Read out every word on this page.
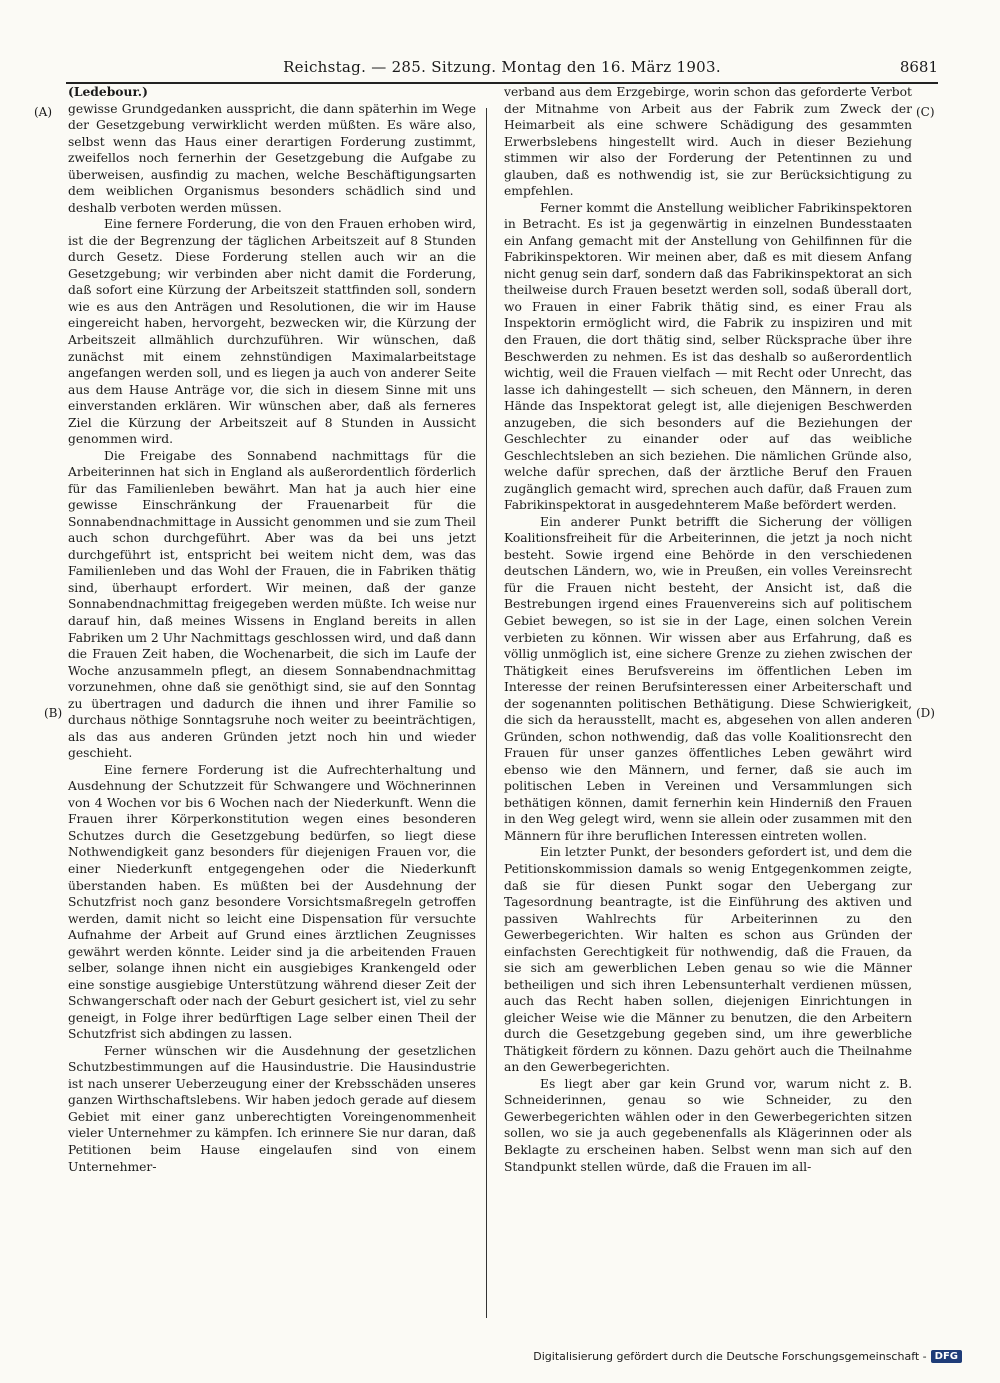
Reichstag. — 285. Sitzung. Montag den 16. März 1903.	8681
(A)
(B)
(C)
(D)
(Ledebour.)

gewisse Grundgedanken ausspricht, die dann späterhin im Wege der Gesetzgebung verwirklicht werden müßten. Es wäre also, selbst wenn das Haus einer derartigen Forderung zustimmt, zweifellos noch fernerhin der Gesetzgebung die Aufgabe zu überweisen, ausfindig zu machen, welche Beschäftigungsarten dem weiblichen Organismus besonders schädlich sind und deshalb verboten werden müssen.

Eine fernere Forderung, die von den Frauen erhoben wird, ist die der Begrenzung der täglichen Arbeitszeit auf 8 Stunden durch Gesetz. Diese Forderung stellen auch wir an die Gesetzgebung; wir verbinden aber nicht damit die Forderung, daß sofort eine Kürzung der Arbeitszeit stattfinden soll, sondern wie es aus den Anträgen und Resolutionen, die wir im Hause eingereicht haben, hervorgeht, bezwecken wir, die Kürzung der Arbeitszeit allmählich durchzuführen. Wir wünschen, daß zunächst mit einem zehnstündigen Maximalarbeitstage angefangen werden soll, und es liegen ja auch von anderer Seite aus dem Hause Anträge vor, die sich in diesem Sinne mit uns einverstanden erklären. Wir wünschen aber, daß als ferneres Ziel die Kürzung der Arbeitszeit auf 8 Stunden in Aussicht genommen wird.

Die Freigabe des Sonnabend nachmittags für die Arbeiterinnen hat sich in England als außerordentlich förderlich für das Familienleben bewährt. Man hat ja auch hier eine gewisse Einschränkung der Frauenarbeit für die Sonnabendnachmittage in Aussicht genommen und sie zum Theil auch schon durchgeführt. Aber was da bei uns jetzt durchgeführt ist, entspricht bei weitem nicht dem, was das Familienleben und das Wohl der Frauen, die in Fabriken thätig sind, überhaupt erfordert. Wir meinen, daß der ganze Sonnabendnachmittag freigegeben werden müßte. Ich weise nur darauf hin, daß meines Wissens in England bereits in allen Fabriken um 2 Uhr Nachmittags geschlossen wird, und daß dann die Frauen Zeit haben, die Wochenarbeit, die sich im Laufe der Woche anzusammeln pflegt, an diesem Sonnabendnachmittag vorzunehmen, ohne daß sie genöthigt sind, sie auf den Sonntag zu übertragen und dadurch die ihnen und ihrer Familie so durchaus nöthige Sonntagsruhe noch weiter zu beeinträchtigen, als das aus anderen Gründen jetzt noch hin und wieder geschieht.

Eine fernere Forderung ist die Aufrechterhaltung und Ausdehnung der Schutzzeit für Schwangere und Wöchnerinnen von 4 Wochen vor bis 6 Wochen nach der Niederkunft. Wenn die Frauen ihrer Körperkonstitution wegen eines besonderen Schutzes durch die Gesetzgebung bedürfen, so liegt diese Nothwendigkeit ganz besonders für diejenigen Frauen vor, die einer Niederkunft entgegengehen oder die Niederkunft überstanden haben. Es müßten bei der Ausdehnung der Schutzfrist noch ganz besondere Vorsichtsmaßregeln getroffen werden, damit nicht so leicht eine Dispensation für versuchte Aufnahme der Arbeit auf Grund eines ärztlichen Zeugnisses gewährt werden könnte. Leider sind ja die arbeitenden Frauen selber, solange ihnen nicht ein ausgiebiges Krankengeld oder eine sonstige ausgiebige Unterstützung während dieser Zeit der Schwangerschaft oder nach der Geburt gesichert ist, viel zu sehr geneigt, in Folge ihrer bedürftigen Lage selber einen Theil der Schutzfrist sich abdingen zu lassen.

Ferner wünschen wir die Ausdehnung der gesetzlichen Schutzbestimmungen auf die Hausindustrie. Die Hausindustrie ist nach unserer Ueberzeugung einer der Krebsschäden unseres ganzen Wirthschaftslebens. Wir haben jedoch gerade auf diesem Gebiet mit einer ganz unberechtigten Voreingenommenheit vieler Unternehmer zu kämpfen. Ich erinnere Sie nur daran, daß Petitionen beim Hause eingelaufen sind von einem Unternehmer-

verband aus dem Erzgebirge, worin schon das geforderte Verbot der Mitnahme von Arbeit aus der Fabrik zum Zweck der Heimarbeit als eine schwere Schädigung des gesammten Erwerbslebens hingestellt wird. Auch in dieser Beziehung stimmen wir also der Forderung der Petentinnen zu und glauben, daß es nothwendig ist, sie zur Berücksichtigung zu empfehlen.

Ferner kommt die Anstellung weiblicher Fabrikinspektoren in Betracht. Es ist ja gegenwärtig in einzelnen Bundesstaaten ein Anfang gemacht mit der Anstellung von Gehilfinnen für die Fabrikinspektoren. Wir meinen aber, daß es mit diesem Anfang nicht genug sein darf, sondern daß das Fabrikinspektorat an sich theilweise durch Frauen besetzt werden soll, sodaß überall dort, wo Frauen in einer Fabrik thätig sind, es einer Frau als Inspektorin ermöglicht wird, die Fabrik zu inspiziren und mit den Frauen, die dort thätig sind, selber Rücksprache über ihre Beschwerden zu nehmen. Es ist das deshalb so außerordentlich wichtig, weil die Frauen vielfach — mit Recht oder Unrecht, das lasse ich dahingestellt — sich scheuen, den Männern, in deren Hände das Inspektorat gelegt ist, alle diejenigen Beschwerden anzugeben, die sich besonders auf die Beziehungen der Geschlechter zu einander oder auf das weibliche Geschlechtsleben an sich beziehen. Die nämlichen Gründe also, welche dafür sprechen, daß der ärztliche Beruf den Frauen zugänglich gemacht wird, sprechen auch dafür, daß Frauen zum Fabrikinspektorat in ausgedehnterem Maße befördert werden.

Ein anderer Punkt betrifft die Sicherung der völligen Koalitionsfreiheit für die Arbeiterinnen, die jetzt ja noch nicht besteht. Sowie irgend eine Behörde in den verschiedenen deutschen Ländern, wo, wie in Preußen, ein volles Vereinsrecht für die Frauen nicht besteht, der Ansicht ist, daß die Bestrebungen irgend eines Frauenvereins sich auf politischem Gebiet bewegen, so ist sie in der Lage, einen solchen Verein verbieten zu können. Wir wissen aber aus Erfahrung, daß es völlig unmöglich ist, eine sichere Grenze zu ziehen zwischen der Thätigkeit eines Berufsvereins im öffentlichen Leben im Interesse der reinen Berufsinteressen einer Arbeiterschaft und der sogenannten politischen Bethätigung. Diese Schwierigkeit, die sich da herausstellt, macht es, abgesehen von allen anderen Gründen, schon nothwendig, daß das volle Koalitionsrecht den Frauen für unser ganzes öffentliches Leben gewährt wird ebenso wie den Männern, und ferner, daß sie auch im politischen Leben in Vereinen und Versammlungen sich bethätigen können, damit fernerhin kein Hinderniß den Frauen in den Weg gelegt wird, wenn sie allein oder zusammen mit den Männern für ihre beruflichen Interessen eintreten wollen.

Ein letzter Punkt, der besonders gefordert ist, und dem die Petitionskommission damals so wenig Entgegenkommen zeigte, daß sie für diesen Punkt sogar den Uebergang zur Tagesordnung beantragte, ist die Einführung des aktiven und passiven Wahlrechts für Arbeiterinnen zu den Gewerbegerichten. Wir halten es schon aus Gründen der einfachsten Gerechtigkeit für nothwendig, daß die Frauen, da sie sich am gewerblichen Leben genau so wie die Männer betheiligen und sich ihren Lebensunterhalt verdienen müssen, auch das Recht haben sollen, diejenigen Einrichtungen in gleicher Weise wie die Männer zu benutzen, die den Arbeitern durch die Gesetzgebung gegeben sind, um ihre gewerbliche Thätigkeit fördern zu können. Dazu gehört auch die Theilnahme an den Gewerbegerichten.

Es liegt aber gar kein Grund vor, warum nicht z. B. Schneiderinnen, genau so wie Schneider, zu den Gewerbegerichten wählen oder in den Gewerbegerichten sitzen sollen, wo sie ja auch gegebenenfalls als Klägerinnen oder als Beklagte zu erscheinen haben. Selbst wenn man sich auf den Standpunkt stellen würde, daß die Frauen im all-

Digitalisierung gefördert durch die Deutsche Forschungsgemeinschaft - DFG
